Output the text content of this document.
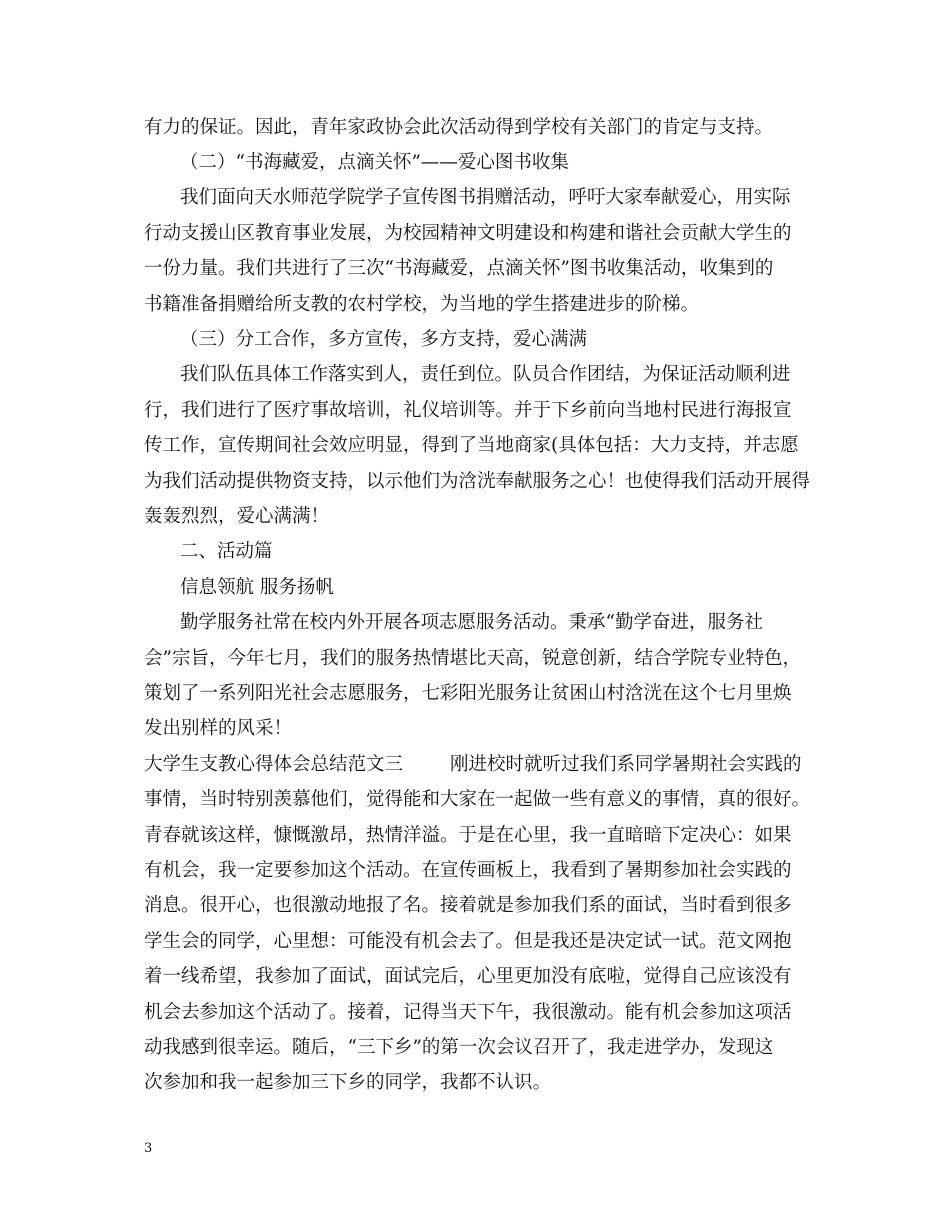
有力的保证。因此，青年家政协会此次活动得到学校有关部门的肯定与支持。
（二）“书海藏爱，点滴关怀”——爱心图书收集
我们面向天水师范学院学子宣传图书捐赠活动，呼吁大家奉献爱心，用实际
行动支援山区教育事业发展，为校园精神文明建设和构建和谐社会贡献大学生的
一份力量。我们共进行了三次“书海藏爱，点滴关怀”图书收集活动，收集到的
书籍准备捐赠给所支教的农村学校，为当地的学生搭建进步的阶梯。
（三）分工合作，多方宣传，多方支持，爱心满满
我们队伍具体工作落实到人，责任到位。队员合作团结，为保证活动顺利进
行，我们进行了医疗事故培训，礼仪培训等。并于下乡前向当地村民进行海报宣
传工作，宣传期间社会效应明显，得到了当地商家(具体包括：大力支持，并志愿
为我们活动提供物资支持，以示他们为浛洸奉献服务之心！也使得我们活动开展得
轰轰烈烈，爱心满满！
二、活动篇
信息领航 服务扬帆
勤学服务社常在校内外开展各项志愿服务活动。秉承“勤学奋进，服务社
会”宗旨，今年七月，我们的服务热情堪比天高，锐意创新，结合学院专业特色，
策划了一系列阳光社会志愿服务，七彩阳光服务让贫困山村浛洸在这个七月里焕
发出别样的风采！
大学生支教心得体会总结范文三        刚进校时就听过我们系同学暑期社会实践的
事情，当时特别羡慕他们，觉得能和大家在一起做一些有意义的事情，真的很好。
青春就该这样，慷慨激昂，热情洋溢。于是在心里，我一直暗暗下定决心：如果
有机会，我一定要参加这个活动。在宣传画板上，我看到了暑期参加社会实践的
消息。很开心，也很激动地报了名。接着就是参加我们系的面试，当时看到很多
学生会的同学，心里想：可能没有机会去了。但是我还是决定试一试。范文网抱
着一线希望，我参加了面试，面试完后，心里更加没有底啦，觉得自己应该没有
机会去参加这个活动了。接着，记得当天下午，我很激动。能有机会参加这项活
动我感到很幸运。随后，“三下乡”的第一次会议召开了，我走进学办，发现这
次参加和我一起参加三下乡的同学，我都不认识。
3
